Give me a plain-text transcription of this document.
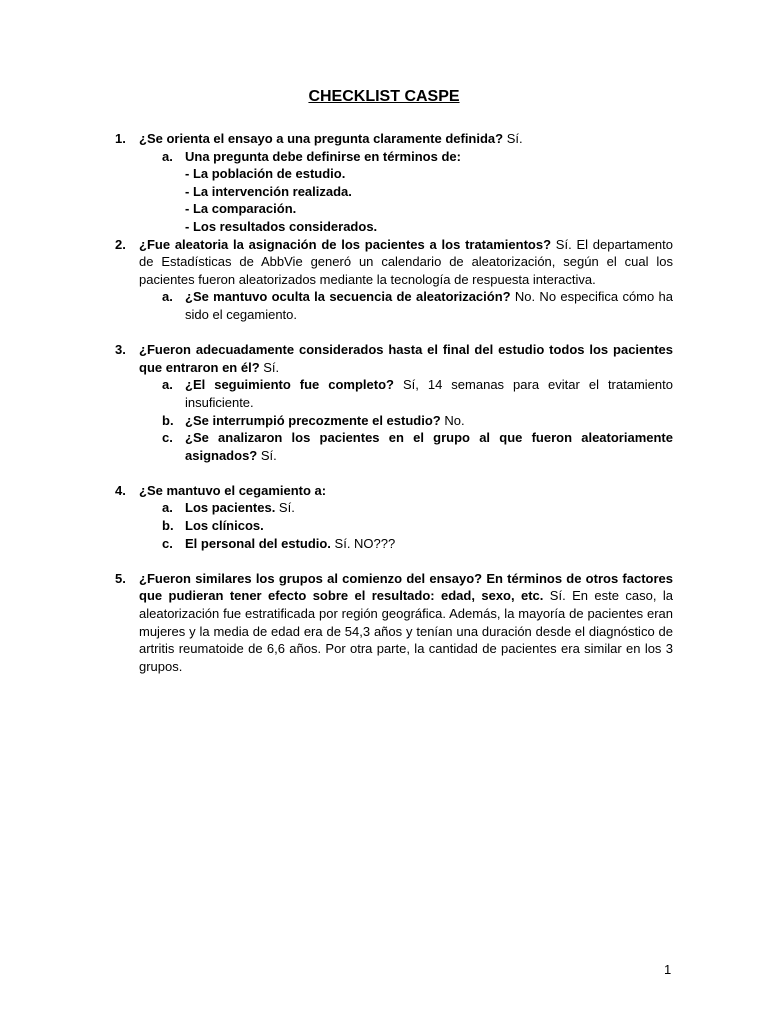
CHECKLIST CASPE
1. ¿Se orienta el ensayo a una pregunta claramente definida? Sí.
a. Una pregunta debe definirse en términos de:
- La población de estudio.
- La intervención realizada.
- La comparación.
- Los resultados considerados.
2. ¿Fue aleatoria la asignación de los pacientes a los tratamientos? Sí. El departamento de Estadísticas de AbbVie generó un calendario de aleatorización, según el cual los pacientes fueron aleatorizados mediante la tecnología de respuesta interactiva.
a. ¿Se mantuvo oculta la secuencia de aleatorización? No. No especifica cómo ha sido el cegamiento.
3. ¿Fueron adecuadamente considerados hasta el final del estudio todos los pacientes que entraron en él? Sí.
a. ¿El seguimiento fue completo? Sí, 14 semanas para evitar el tratamiento insuficiente.
b. ¿Se interrumpió precozmente el estudio? No.
c. ¿Se analizaron los pacientes en el grupo al que fueron aleatoriamente asignados? Sí.
4. ¿Se mantuvo el cegamiento a:
a. Los pacientes. Sí.
b. Los clínicos.
c. El personal del estudio. Sí. NO???
5. ¿Fueron similares los grupos al comienzo del ensayo? En términos de otros factores que pudieran tener efecto sobre el resultado: edad, sexo, etc. Sí. En este caso, la aleatorización fue estratificada por región geográfica. Además, la mayoría de pacientes eran mujeres y la media de edad era de 54,3 años y tenían una duración desde el diagnóstico de artritis reumatoide de 6,6 años. Por otra parte, la cantidad de pacientes era similar en los 3 grupos.
1
